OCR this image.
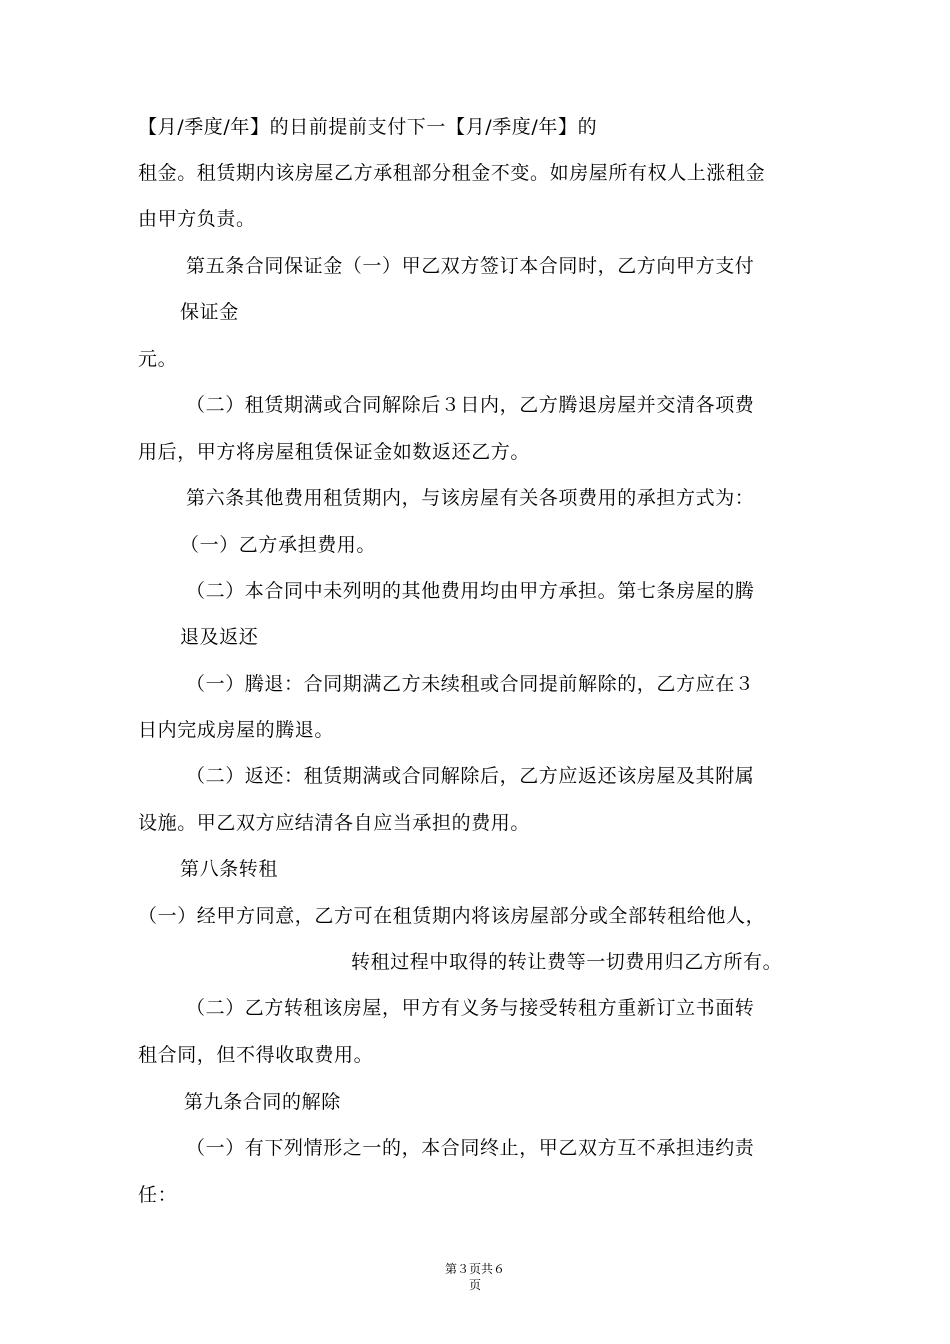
【月/季度/年】的日前提前支付下一【月/季度/年】的
租金。租赁期内该房屋乙方承租部分租金不变。如房屋所有权人上涨租金
由甲方负责。
第五条合同保证金（一）甲乙双方签订本合同时，乙方向甲方支付
保证金
元。
（二）租赁期满或合同解除后３日内，乙方腾退房屋并交清各项费
用后，甲方将房屋租赁保证金如数返还乙方。
第六条其他费用租赁期内，与该房屋有关各项费用的承担方式为：
（一）乙方承担费用。
（二）本合同中未列明的其他费用均由甲方承担。第七条房屋的腾
退及返还
（一）腾退：合同期满乙方未续租或合同提前解除的，乙方应在３
日内完成房屋的腾退。
（二）返还：租赁期满或合同解除后，乙方应返还该房屋及其附属
设施。甲乙双方应结清各自应当承担的费用。
第八条转租
（一）经甲方同意，乙方可在租赁期内将该房屋部分或全部转租给他人，
转租过程中取得的转让费等一切费用归乙方所有。
（二）乙方转租该房屋，甲方有义务与接受转租方重新订立书面转
租合同，但不得收取费用。
第九条合同的解除
（一）有下列情形之一的，本合同终止，甲乙双方互不承担违约责
任：
第３页共６
页
